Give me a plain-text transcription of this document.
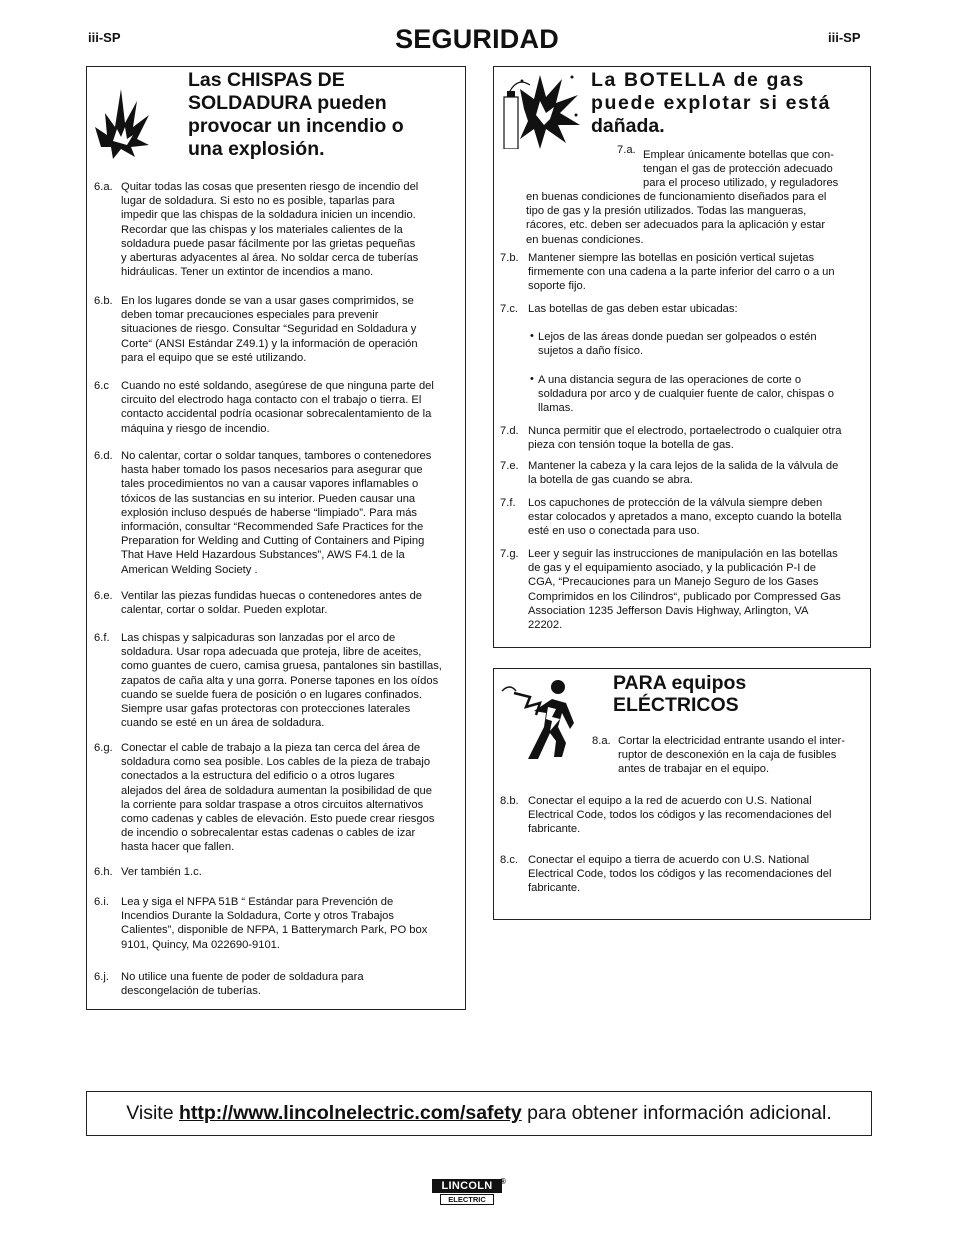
iii-SP	iii-SP
SEGURIDAD
Las CHISPAS DE
SOLDADURA pueden
provocar un incendio o
una explosión.
6.a. Quitar todas las cosas que presenten riesgo de incendio del
lugar de soldadura. Si esto no es posible, taparlas para
impedir que las chispas de la soldadura inicien un incendio.
Recordar que las chispas y los materiales calientes de la
soldadura puede pasar fácilmente por las grietas pequeñas
y aberturas adyacentes al área. No soldar cerca de tuberías
hidráulicas. Tener un extintor de incendios a mano.
6.b. En los lugares donde se van a usar gases comprimidos, se
deben tomar precauciones especiales para prevenir
situaciones de riesgo. Consultar “Seguridad en Soldadura y
Corte“ (ANSI Estándar Z49.1) y la información de operación
para el equipo que se esté utilizando.
6.c Cuando no esté soldando, asegúrese de que ninguna parte del
circuito del electrodo haga contacto con el trabajo o tierra. El
contacto accidental podría ocasionar sobrecalentamiento de la
máquina y riesgo de incendio.
6.d. No calentar, cortar o soldar tanques, tambores o contenedores
hasta haber tomado los pasos necesarios para asegurar que
tales procedimientos no van a causar vapores inflamables o
tóxicos de las sustancias en su interior. Pueden causar una
explosión incluso después de haberse “limpiado”. Para más
información, consultar “Recommended Safe Practices for the
Preparation for Welding and Cutting of Containers and Piping
That Have Held Hazardous Substances”, AWS F4.1 de la
American Welding Society .
6.e. Ventilar las piezas fundidas huecas o contenedores antes de
calentar, cortar o soldar. Pueden explotar.
6.f. Las chispas y salpicaduras son lanzadas por el arco de
soldadura. Usar ropa adecuada que proteja, libre de aceites,
como guantes de cuero, camisa gruesa, pantalones sin bastillas,
zapatos de caña alta y una gorra. Ponerse tapones en los oídos
cuando se suelde fuera de posición o en lugares confinados.
Siempre usar gafas protectoras con protecciones laterales
cuando se esté en un área de soldadura.
6.g. Conectar el cable de trabajo a la pieza tan cerca del área de
soldadura como sea posible. Los cables de la pieza de trabajo
conectados a la estructura del edificio o a otros lugares
alejados del área de soldadura aumentan la posibilidad de que
la corriente para soldar traspase a otros circuitos alternativos
como cadenas y cables de elevación. Esto puede crear riesgos
de incendio o sobrecalentar estas cadenas o cables de izar
hasta hacer que fallen.
6.h. Ver también 1.c.
6.i. Lea y siga el NFPA 51B “ Estándar para Prevención de
Incendios Durante la Soldadura, Corte y otros Trabajos
Calientes”, disponible de NFPA, 1 Batterymarch Park, PO box
9101, Quincy, Ma 022690-9101.
6.j. No utilice una fuente de poder de soldadura para
descongelación de tuberías.
La BOTELLA de gas
puede explotar si está
dañada.
7.a. Emplear únicamente botellas que con-
tengan el gas de protección adecuado
para el proceso utilizado, y reguladores
en buenas condiciones de funcionamiento diseñados para el
tipo de gas y la presión utilizados. Todas las mangueras,
rácores, etc. deben ser adecuados para la aplicación y estar
en buenas condiciones.
7.b. Mantener siempre las botellas en posición vertical sujetas
firmemente con una cadena a la parte inferior del carro o a un
soporte fijo.
7.c. Las botellas de gas deben estar ubicadas:
• Lejos de las áreas donde puedan ser golpeados o estén
sujetos a daño físico.
• A una distancia segura de las operaciones de corte o
soldadura por arco y de cualquier fuente de calor, chispas o
llamas.
7.d. Nunca permitir que el electrodo, portaelectrodo o cualquier otra
pieza con tensión toque la botella de gas.
7.e. Mantener la cabeza y la cara lejos de la salida de la válvula de
la botella de gas cuando se abra.
7.f. Los capuchones de protección de la válvula siempre deben
estar colocados y apretados a mano, excepto cuando la botella
esté en uso o conectada para uso.
7.g. Leer y seguir las instrucciones de manipulación en las botellas
de gas y el equipamiento asociado, y la publicación P-I de
CGA, “Precauciones para un Manejo Seguro de los Gases
Comprimidos en los Cilindros“, publicado por Compressed Gas
Association 1235 Jefferson Davis Highway, Arlington, VA
22202.
PARA equipos
ELÉCTRICOS
8.a. Cortar la electricidad entrante usando el inter-
ruptor de desconexión en la caja de fusibles
antes de trabajar en el equipo.
8.b. Conectar el equipo a la red de acuerdo con U.S. National
Electrical Code, todos los códigos y las recomendaciones del
fabricante.
8.c. Conectar el equipo a tierra de acuerdo con U.S. National
Electrical Code, todos los códigos y las recomendaciones del
fabricante.
Visite http://www.lincolnelectric.com/safety para obtener información adicional.
LINCOLN ®
ELECTRIC
